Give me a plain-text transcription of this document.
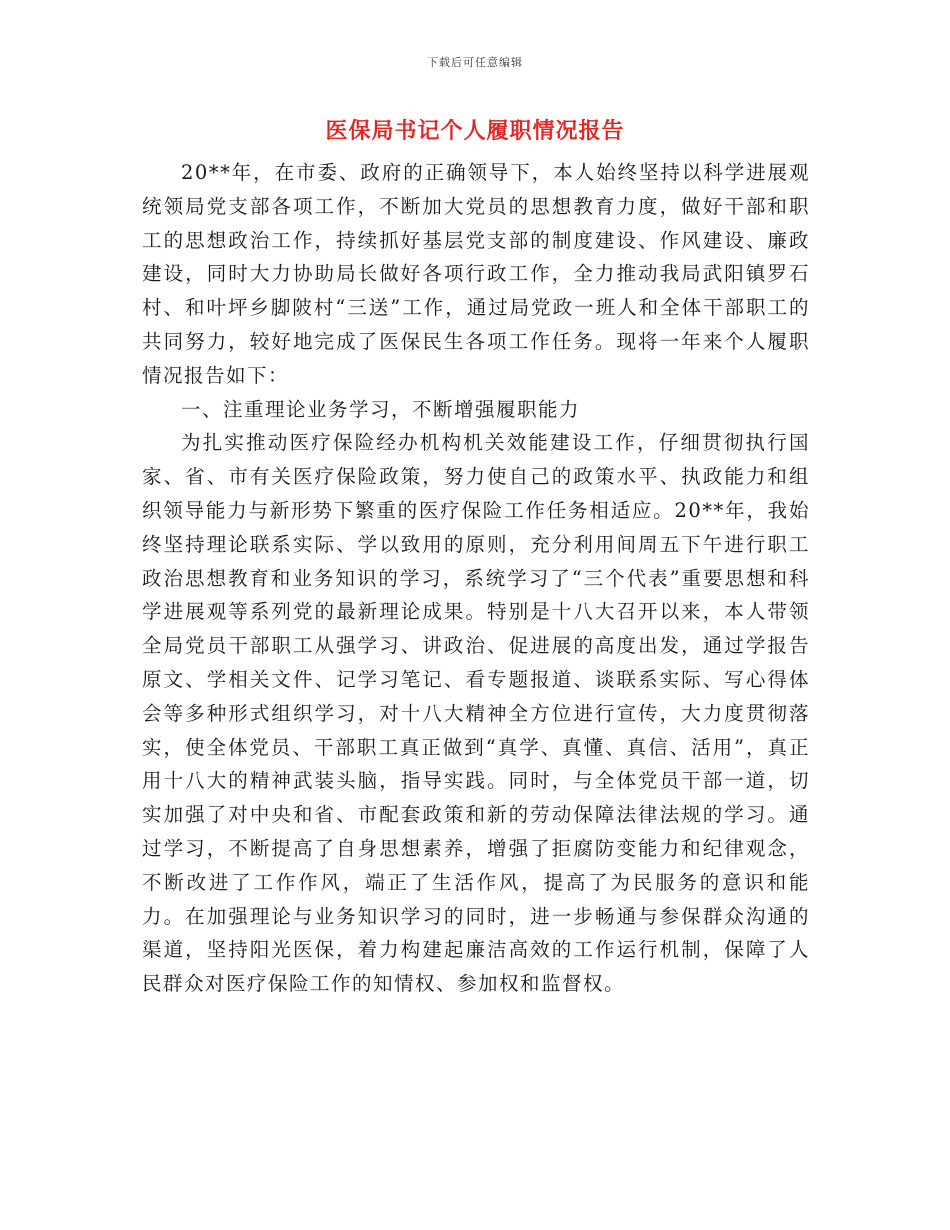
下载后可任意编辑
医保局书记个人履职情况报告

20**年，在市委、政府的正确领导下，本人始终坚持以科学进展观统领局党支部各项工作，不断加大党员的思想教育力度，做好干部和职工的思想政治工作，持续抓好基层党支部的制度建设、作风建设、廉政建设，同时大力协助局长做好各项行政工作，全力推动我局武阳镇罗石村、和叶坪乡脚陂村“三送”工作，通过局党政一班人和全体干部职工的共同努力，较好地完成了医保民生各项工作任务。现将一年来个人履职情况报告如下：

一、注重理论业务学习，不断增强履职能力

为扎实推动医疗保险经办机构机关效能建设工作，仔细贯彻执行国家、省、市有关医疗保险政策，努力使自己的政策水平、执政能力和组织领导能力与新形势下繁重的医疗保险工作任务相适应。20**年，我始终坚持理论联系实际、学以致用的原则，充分利用间周五下午进行职工政治思想教育和业务知识的学习，系统学习了“三个代表”重要思想和科学进展观等系列党的最新理论成果。特别是十八大召开以来，本人带领全局党员干部职工从强学习、讲政治、促进展的高度出发，通过学报告原文、学相关文件、记学习笔记、看专题报道、谈联系实际、写心得体会等多种形式组织学习，对十八大精神全方位进行宣传，大力度贯彻落实，使全体党员、干部职工真正做到“真学、真懂、真信、活用”，真正用十八大的精神武装头脑，指导实践。同时，与全体党员干部一道，切实加强了对中央和省、市配套政策和新的劳动保障法律法规的学习。通过学习，不断提高了自身思想素养，增强了拒腐防变能力和纪律观念，不断改进了工作作风，端正了生活作风，提高了为民服务的意识和能力。在加强理论与业务知识学习的同时，进一步畅通与参保群众沟通的渠道，坚持阳光医保，着力构建起廉洁高效的工作运行机制，保障了人民群众对医疗保险工作的知情权、参加权和监督权。
